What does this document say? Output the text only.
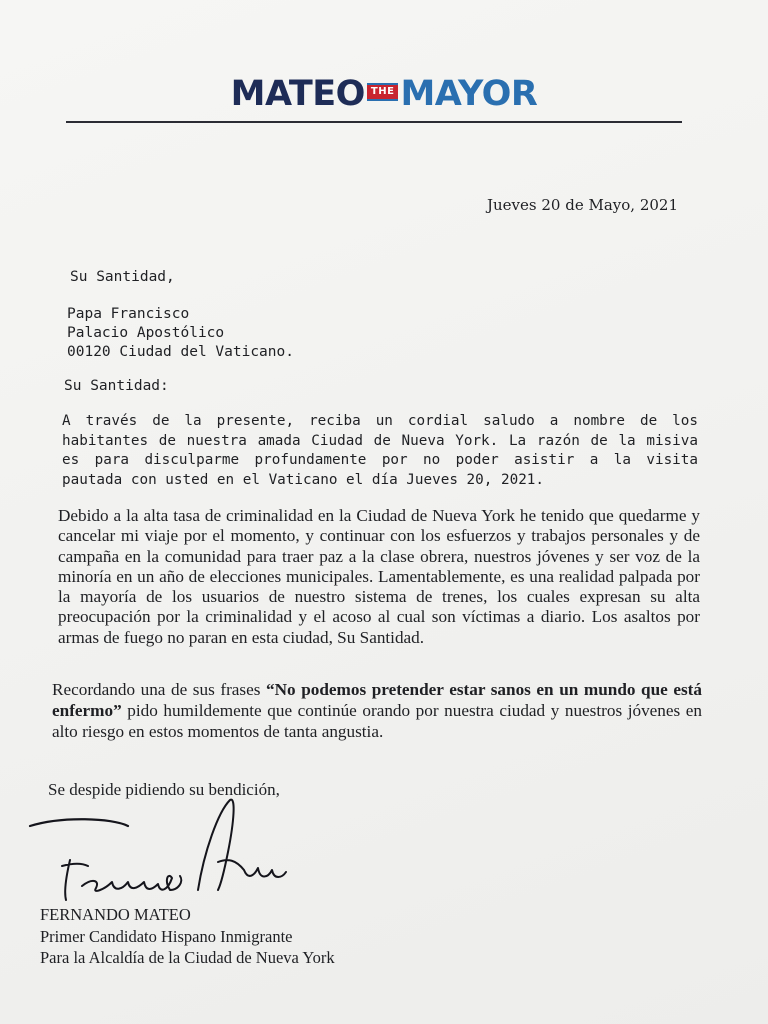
MATEO THE MAYOR
Jueves 20 de Mayo, 2021
Su Santidad,
Papa Francisco
Palacio Apostólico
00120 Ciudad del Vaticano.
Su Santidad:
A través de la presente, reciba un cordial saludo a nombre de los habitantes de nuestra amada Ciudad de Nueva York. La razón de la misiva es para disculparme profundamente por no poder asistir a la visita pautada con usted en el Vaticano el día Jueves 20, 2021.
Debido a la alta tasa de criminalidad en la Ciudad de Nueva York he tenido que quedarme y cancelar mi viaje por el momento, y continuar con los esfuerzos y trabajos personales y de campaña en la comunidad para traer paz a la clase obrera, nuestros jóvenes y ser voz de la minoría en un año de elecciones municipales. Lamentablemente, es una realidad palpada por la mayoría de los usuarios de nuestro sistema de trenes, los cuales expresan su alta preocupación por la criminalidad y el acoso al cual son víctimas a diario. Los asaltos por armas de fuego no paran en esta ciudad, Su Santidad.
Recordando una de sus frases “No podemos pretender estar sanos en un mundo que está enfermo” pido humildemente que continúe orando por nuestra ciudad y nuestros jóvenes en alto riesgo en estos momentos de tanta angustia.
Se despide pidiendo su bendición,
FERNANDO MATEO
Primer Candidato Hispano Inmigrante
Para la Alcaldía de la Ciudad de Nueva York
